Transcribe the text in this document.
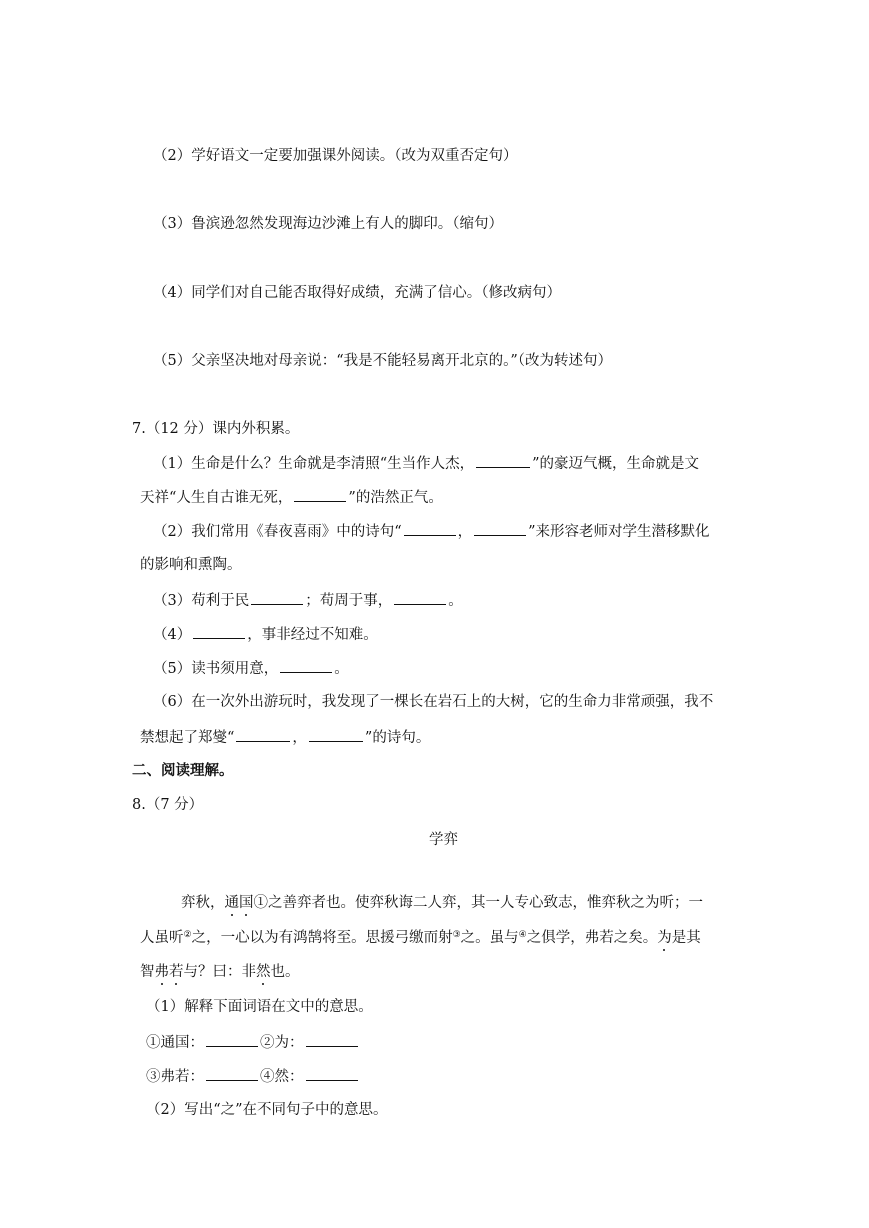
（2）学好语文一定要加强课外阅读。（改为双重否定句）
（3）鲁滨逊忽然发现海边沙滩上有人的脚印。（缩句）
（4）同学们对自己能否取得好成绩，充满了信心。（修改病句）
（5）父亲坚决地对母亲说：“我是不能轻易离开北京的。”（改为转述句）
7.（12 分）课内外积累。
（1）生命是什么？生命就是李清照“生当作人杰，	”的豪迈气概，生命就是文
天祥“人生自古谁无死，	”的浩然正气。
（2）我们常用《春夜喜雨》中的诗句“	，	”来形容老师对学生潜移默化
的影响和熏陶。
（3）苟利于民	；苟周于事，	。
（4）	，事非经过不知难。
（5）读书须用意，	。
（6）在一次外出游玩时，我发现了一棵长在岩石上的大树，它的生命力非常顽强，我不
禁想起了郑燮“	，	”的诗句。
二、阅读理解。
8.（7 分）
学弈
弈秋，通国①之善弈者也。使弈秋诲二人弈，其一人专心致志，惟弈秋之为听；一
人虽听②之，一心以为有鸿鹄将至。思援弓缴而射③之。虽与④之俱学，弗若之矣。为是其
智弗若与？曰：非然也。
（1）解释下面词语在文中的意思。
①通国：	②为：
③弗若：	④然：
（2）写出“之”在不同句子中的意思。
